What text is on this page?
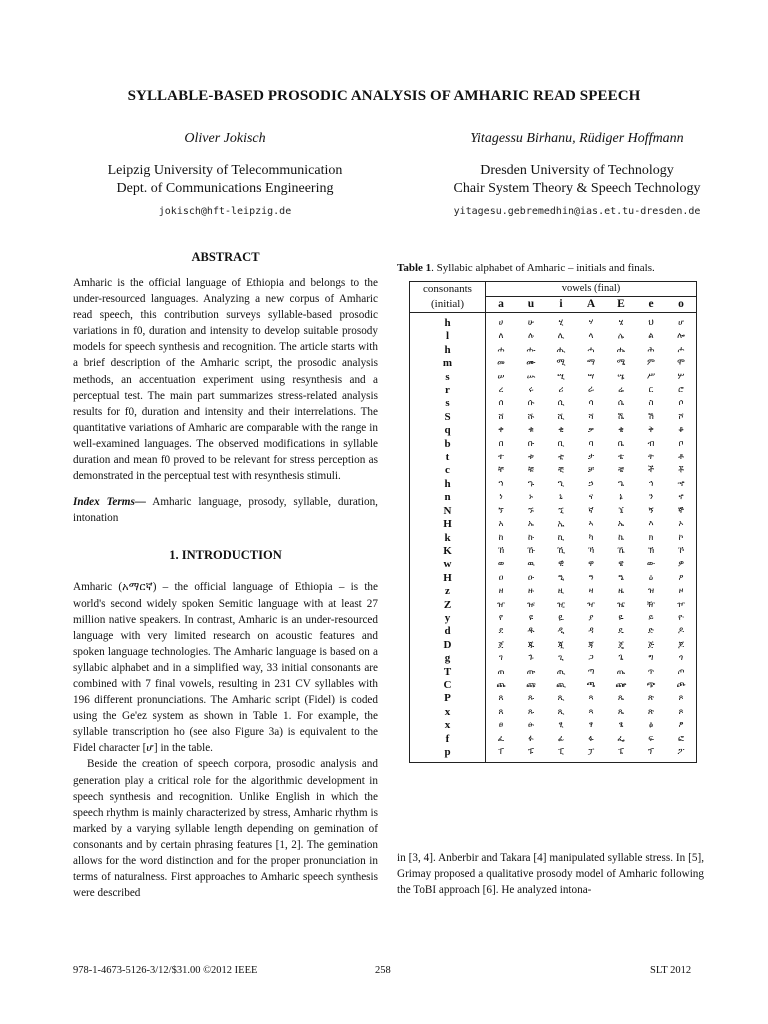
SYLLABLE-BASED PROSODIC ANALYSIS OF AMHARIC READ SPEECH
Oliver Jokisch
Leipzig University of Telecommunication
Dept. of Communications Engineering
jokisch@hft-leipzig.de
Yitagessu Birhanu, Rüdiger Hoffmann
Dresden University of Technology
Chair System Theory & Speech Technology
yitagesu.gebremedhin@ias.et.tu-dresden.de
ABSTRACT

Amharic is the official language of Ethiopia and belongs to the under-resourced languages. Analyzing a new corpus of Amharic read speech, this contribution surveys syllable-based prosodic variations in f0, duration and intensity to develop suitable prosody models for speech synthesis and recognition. The article starts with a brief description of the Amharic script, the prosodic analysis methods, an accentuation experiment using resynthesis and a perceptual test. The main part summarizes stress-related analysis results for f0, duration and intensity and their interrelations. The quantitative variations of Amharic are comparable with the range in well-examined languages. The observed modifications in syllable duration and mean f0 proved to be relevant for stress perception as demonstrated in the perceptual test with resynthesis stimuli.

Index Terms— Amharic language, prosody, syllable, duration, intonation

1. INTRODUCTION

Amharic (አማርኛ) – the official language of Ethiopia – is the world's second widely spoken Semitic language with at least 27 million native speakers. In contrast, Amharic is an under-resourced language with very limited research on acoustic features and spoken language technologies. The Amharic language is based on a syllabic alphabet and in a simplified way, 33 initial consonants are combined with 7 final vowels, resulting in 231 CV syllables with 196 different pronunciations. The Amharic script (Fidel) is coded using the Ge'ez system as shown in Table 1. For example, the syllable transcription ho (see also Figure 3a) is equivalent to the Fidel character [ሆ] in the table.

Beside the creation of speech corpora, prosodic analysis and generation play a critical role for the algorithmic development in speech synthesis and recognition. Unlike English in which the speech rhythm is mainly characterized by stress, Amharic rhythm is marked by a varying syllable length depending on gemination of consonants and by certain phrasing features [1, 2]. The gemination allows for the word distinction and for the proper pronunciation in terms of naturalness. First approaches to Amharic speech synthesis were described

Table 1. Syllabic alphabet of Amharic – initials and finals.
consonants	vowels (final)						
(initial)	a	u	i	A	E	e	o
h	ሀ	ሁ	ሂ	ሃ	ሄ	ህ	ሆ
l	ለ	ሉ	ሊ	ላ	ሌ	ል	ሎ
h	ሐ	ሑ	ሒ	ሓ	ሔ	ሕ	ሖ
m	መ	ሙ	ሚ	ማ	ሜ	ም	ሞ
s	ሠ	ሡ	ሢ	ሣ	ሤ	ሥ	ሦ
r	ረ	ሩ	ሪ	ራ	ሬ	ር	ሮ
s	ሰ	ሱ	ሲ	ሳ	ሴ	ስ	ሶ
S	ሸ	ሹ	ሺ	ሻ	ሼ	ሽ	ሾ
q	ቀ	ቁ	ቂ	ቃ	ቄ	ቅ	ቆ
b	በ	ቡ	ቢ	ባ	ቤ	ብ	ቦ
t	ተ	ቱ	ቲ	ታ	ቴ	ት	ቶ
c	ቸ	ቹ	ቺ	ቻ	ቼ	ች	ቾ
h	ኀ	ኁ	ኂ	ኃ	ኄ	ኅ	ኆ
n	ነ	ኑ	ኒ	ና	ኔ	ን	ኖ
N	ኘ	ኙ	ኚ	ኛ	ኜ	ኝ	ኞ
H	አ	ኡ	ኢ	ኣ	ኤ	እ	ኦ
k	ከ	ኩ	ኪ	ካ	ኬ	ክ	ኮ
K	ኸ	ኹ	ኺ	ኻ	ኼ	ኽ	ኾ
w	ወ	ዉ	ዊ	ዋ	ዌ	ው	ዎ
H	ዐ	ዑ	ዒ	ዓ	ዔ	ዕ	ዖ
z	ዘ	ዙ	ዚ	ዛ	ዜ	ዝ	ዞ
Z	ዠ	ዡ	ዢ	ዣ	ዤ	ዥ	ዦ
y	የ	ዩ	ዪ	ያ	ዬ	ይ	ዮ
d	ደ	ዱ	ዲ	ዳ	ዴ	ድ	ዶ
D	ጀ	ጁ	ጂ	ጃ	ጄ	ጅ	ጆ
g	ገ	ጉ	ጊ	ጋ	ጌ	ግ	ጎ
T	ጠ	ጡ	ጢ	ጣ	ጤ	ጥ	ጦ
C	ጨ	ጩ	ጪ	ጫ	ጬ	ጭ	ጮ
P	ጸ	ጹ	ጺ	ጻ	ጼ	ጽ	ጾ
x	ጸ	ጹ	ጺ	ጻ	ጼ	ጽ	ጾ
x	ፀ	ፁ	ፂ	ፃ	ፄ	ፅ	ፆ
f	ፈ	ፉ	ፊ	ፋ	ፌ	ፍ	ፎ
p	ፐ	ፑ	ፒ	ፓ	ፔ	ፕ	ፖ

in [3, 4]. Anberbir and Takara [4] manipulated syllable stress. In [5], Grimay proposed a qualitative prosody model of Amharic following the ToBI approach [6]. He analyzed intona-

978-1-4673-5126-3/12/$31.00 ©2012 IEEE	258	SLT 2012
